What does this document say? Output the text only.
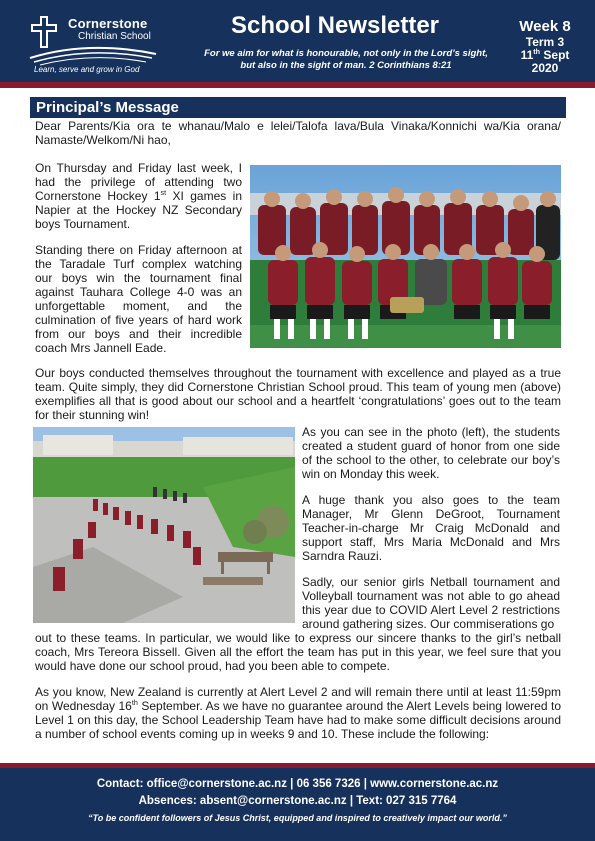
Cornerstone
Christian School
Learn, serve and grow in God
School Newsletter
For we aim for what is honourable, not only in the Lord’s sight, but also in the sight of man. 2 Corinthians 8:21
Week 8
Term 3
11th Sept
2020
Principal’s Message
Dear Parents/Kia ora te whanau/Malo e lelei/Talofa lava/Bula Vinaka/Konnichi wa/Kia orana/ Namaste/Welkom/Ni hao,
On Thursday and Friday last week, I had the privilege of attending two Cornerstone Hockey 1st XI games in Napier at the Hockey NZ Secondary boys Tournament.
Standing there on Friday afternoon at the Taradale Turf complex watching our boys win the tournament final against Tauhara College 4-0 was an unforgettable moment, and the culmination of five years of hard work from our boys and their incredible coach Mrs Jannell Eade.
Our boys conducted themselves throughout the tournament with excellence and played as a true team. Quite simply, they did Cornerstone Christian School proud. This team of young men (above) exemplifies all that is good about our school and a heartfelt ‘congratulations’ goes out to the team for their stunning win!
As you can see in the photo (left), the students created a student guard of honor from one side of the school to the other, to celebrate our boy’s win on Monday this week.
A huge thank you also goes to the team Manager, Mr Glenn DeGroot, Tournament Teacher-in-charge Mr Craig McDonald and support staff, Mrs Maria McDonald and Mrs Sarndra Rauzi.
Sadly, our senior girls Netball tournament and Volleyball tournament was not able to go ahead this year due to COVID Alert Level 2 restrictions around gathering sizes. Our commiserations go
out to these teams. In particular, we would like to express our sincere thanks to the girl’s netball coach, Mrs Tereora Bissell. Given all the effort the team has put in this year, we feel sure that you would have done our school proud, had you been able to compete.
As you know, New Zealand is currently at Alert Level 2 and will remain there until at least 11:59pm on Wednesday 16th September. As we have no guarantee around the Alert Levels being lowered to Level 1 on this day, the School Leadership Team have had to make some difficult decisions around a number of school events coming up in weeks 9 and 10. These include the following:
Contact: office@cornerstone.ac.nz | 06 356 7326 | www.cornerstone.ac.nz
Absences: absent@cornerstone.ac.nz | Text: 027 315 7764
“To be confident followers of Jesus Christ, equipped and inspired to creatively impact our world.”
